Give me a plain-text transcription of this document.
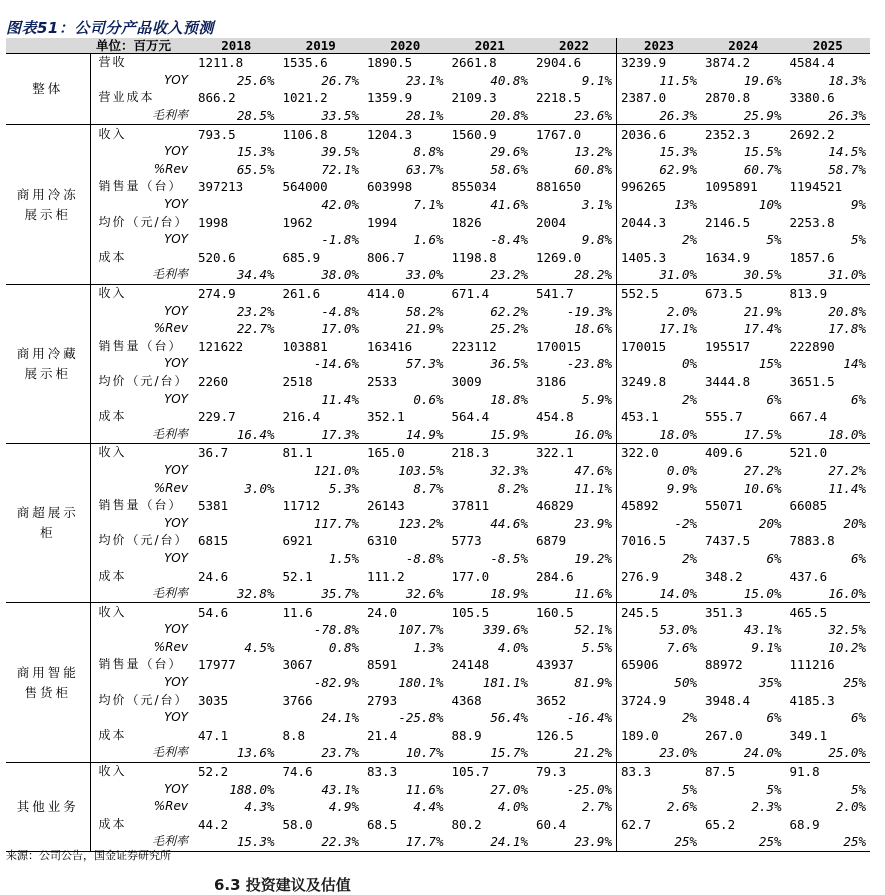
图表51：公司分产品收入预测
	单位：百万元	2018	2019	2020	2021	2022	2023	2024	2025
整体	营收	1211.8	1535.6	1890.5	2661.8	2904.6	3239.9	3874.2	4584.4
	YOY	25.6%	26.7%	23.1%	40.8%	9.1%	11.5%	19.6%	18.3%
	营业成本	866.2	1021.2	1359.9	2109.3	2218.5	2387.0	2870.8	3380.6
	毛利率	28.5%	33.5%	28.1%	20.8%	23.6%	26.3%	25.9%	26.3%
商用冷冻展示柜	收入	793.5	1106.8	1204.3	1560.9	1767.0	2036.6	2352.3	2692.2
	YOY	15.3%	39.5%	8.8%	29.6%	13.2%	15.3%	15.5%	14.5%
	%Rev	65.5%	72.1%	63.7%	58.6%	60.8%	62.9%	60.7%	58.7%
	销售量（台）	397213	564000	603998	855034	881650	996265	1095891	1194521
	YOY		42.0%	7.1%	41.6%	3.1%	13%	10%	9%
	均价（元/台）	1998	1962	1994	1826	2004	2044.3	2146.5	2253.8
	YOY		-1.8%	1.6%	-8.4%	9.8%	2%	5%	5%
	成本	520.6	685.9	806.7	1198.8	1269.0	1405.3	1634.9	1857.6
	毛利率	34.4%	38.0%	33.0%	23.2%	28.2%	31.0%	30.5%	31.0%
商用冷藏展示柜	收入	274.9	261.6	414.0	671.4	541.7	552.5	673.5	813.9
	YOY	23.2%	-4.8%	58.2%	62.2%	-19.3%	2.0%	21.9%	20.8%
	%Rev	22.7%	17.0%	21.9%	25.2%	18.6%	17.1%	17.4%	17.8%
	销售量（台）	121622	103881	163416	223112	170015	170015	195517	222890
	YOY		-14.6%	57.3%	36.5%	-23.8%	0%	15%	14%
	均价（元/台）	2260	2518	2533	3009	3186	3249.8	3444.8	3651.5
	YOY		11.4%	0.6%	18.8%	5.9%	2%	6%	6%
	成本	229.7	216.4	352.1	564.4	454.8	453.1	555.7	667.4
	毛利率	16.4%	17.3%	14.9%	15.9%	16.0%	18.0%	17.5%	18.0%
商超展示柜	收入	36.7	81.1	165.0	218.3	322.1	322.0	409.6	521.0
	YOY		121.0%	103.5%	32.3%	47.6%	0.0%	27.2%	27.2%
	%Rev	3.0%	5.3%	8.7%	8.2%	11.1%	9.9%	10.6%	11.4%
	销售量（台）	5381	11712	26143	37811	46829	45892	55071	66085
	YOY		117.7%	123.2%	44.6%	23.9%	-2%	20%	20%
	均价（元/台）	6815	6921	6310	5773	6879	7016.5	7437.5	7883.8
	YOY		1.5%	-8.8%	-8.5%	19.2%	2%	6%	6%
	成本	24.6	52.1	111.2	177.0	284.6	276.9	348.2	437.6
	毛利率	32.8%	35.7%	32.6%	18.9%	11.6%	14.0%	15.0%	16.0%
商用智能售货柜	收入	54.6	11.6	24.0	105.5	160.5	245.5	351.3	465.5
	YOY		-78.8%	107.7%	339.6%	52.1%	53.0%	43.1%	32.5%
	%Rev	4.5%	0.8%	1.3%	4.0%	5.5%	7.6%	9.1%	10.2%
	销售量（台）	17977	3067	8591	24148	43937	65906	88972	111216
	YOY		-82.9%	180.1%	181.1%	81.9%	50%	35%	25%
	均价（元/台）	3035	3766	2793	4368	3652	3724.9	3948.4	4185.3
	YOY		24.1%	-25.8%	56.4%	-16.4%	2%	6%	6%
	成本	47.1	8.8	21.4	88.9	126.5	189.0	267.0	349.1
	毛利率	13.6%	23.7%	10.7%	15.7%	21.2%	23.0%	24.0%	25.0%
其他业务	收入	52.2	74.6	83.3	105.7	79.3	83.3	87.5	91.8
	YOY	188.0%	43.1%	11.6%	27.0%	-25.0%	5%	5%	5%
	%Rev	4.3%	4.9%	4.4%	4.0%	2.7%	2.6%	2.3%	2.0%
	成本	44.2	58.0	68.5	80.2	60.4	62.7	65.2	68.9
	毛利率	15.3%	22.3%	17.7%	24.1%	23.9%	25%	25%	25%
来源：公司公告，国金证券研究所
6.3 投资建议及估值
